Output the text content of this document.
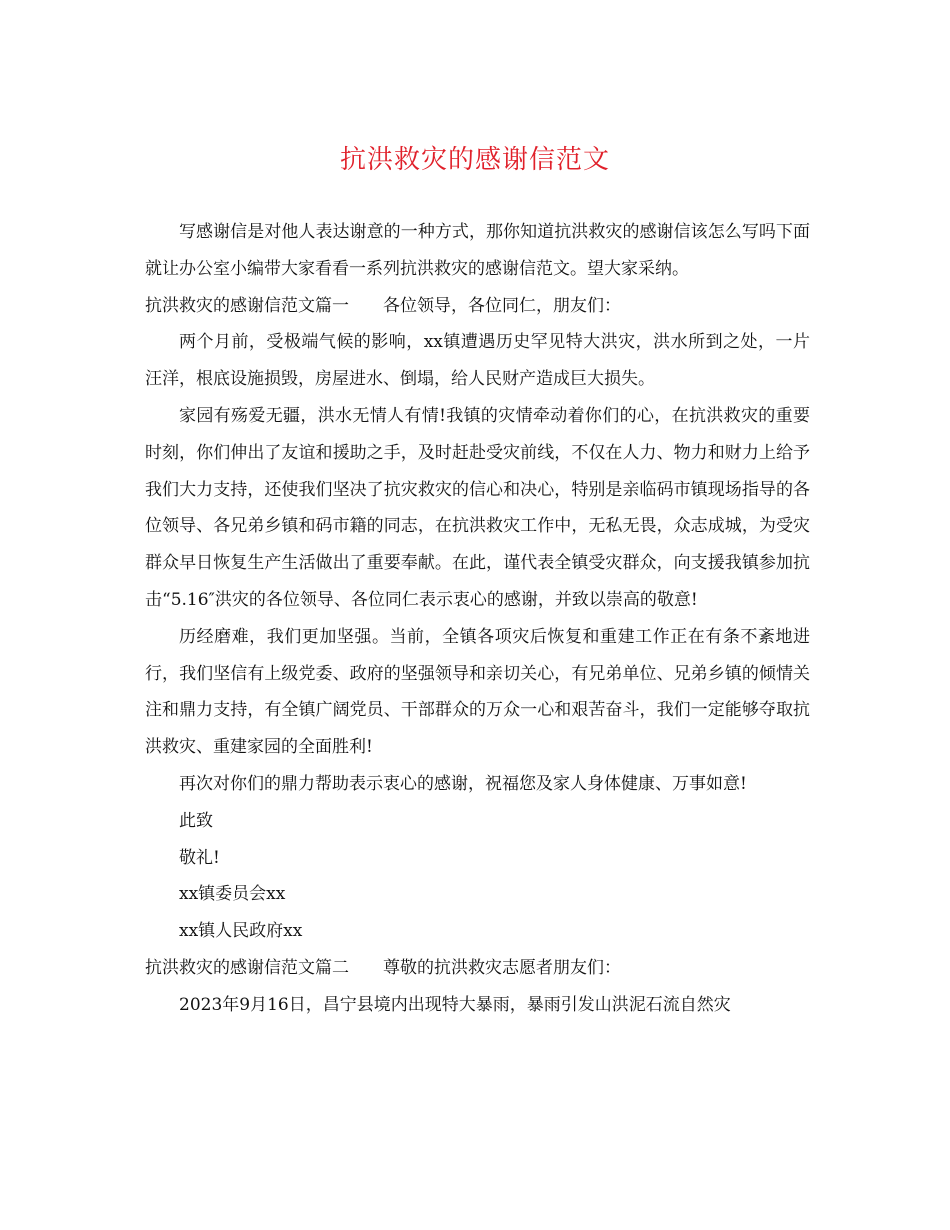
抗洪救灾的感谢信范文

写感谢信是对他人表达谢意的一种方式，那你知道抗洪救灾的感谢信该怎么写吗下面就让办公室小编带大家看看一系列抗洪救灾的感谢信范文。望大家采纳。

抗洪救灾的感谢信范文篇一 各位领导，各位同仁，朋友们：

两个月前，受极端气候的影响，xx镇遭遇历史罕见特大洪灾，洪水所到之处，一片汪洋，根底设施损毁，房屋进水、倒塌，给人民财产造成巨大损失。

家园有殇爱无疆，洪水无情人有情!我镇的灾情牵动着你们的心，在抗洪救灾的重要时刻，你们伸出了友谊和援助之手，及时赶赴受灾前线，不仅在人力、物力和财力上给予我们大力支持，还使我们坚决了抗灾救灾的信心和决心，特别是亲临码市镇现场指导的各位领导、各兄弟乡镇和码市籍的同志，在抗洪救灾工作中，无私无畏，众志成城，为受灾群众早日恢复生产生活做出了重要奉献。在此，谨代表全镇受灾群众，向支援我镇参加抗击“5.16″洪灾的各位领导、各位同仁表示衷心的感谢，并致以崇高的敬意!

历经磨难，我们更加坚强。当前，全镇各项灾后恢复和重建工作正在有条不紊地进行，我们坚信有上级党委、政府的坚强领导和亲切关心，有兄弟单位、兄弟乡镇的倾情关注和鼎力支持，有全镇广阔党员、干部群众的万众一心和艰苦奋斗，我们一定能够夺取抗洪救灾、重建家园的全面胜利!

再次对你们的鼎力帮助表示衷心的感谢，祝福您及家人身体健康、万事如意!

此致

敬礼!

xx镇委员会xx

xx镇人民政府xx

抗洪救灾的感谢信范文篇二 尊敬的抗洪救灾志愿者朋友们：

2023年9月16日，昌宁县境内出现特大暴雨，暴雨引发山洪泥石流自然灾
